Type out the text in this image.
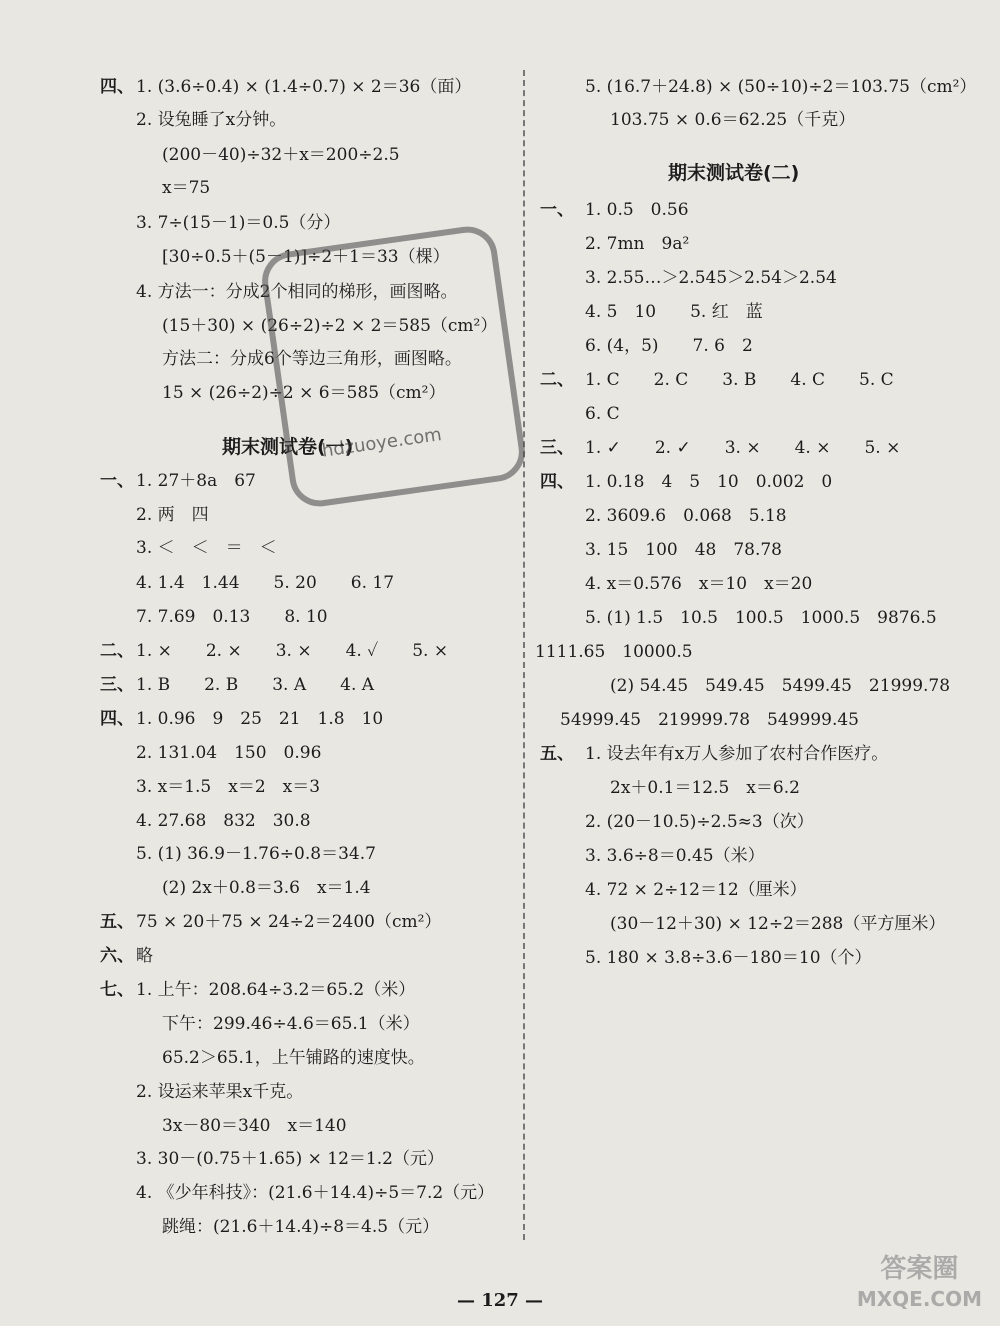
四、 1. (3.6÷0.4) × (1.4÷0.7) × 2＝36（面）
2. 设兔睡了x分钟。
(200－40)÷32＋x＝200÷2.5
x＝75
3. 7÷(15－1)＝0.5（分）
[30÷0.5＋(5－1)]÷2＋1＝33（棵）
4. 方法一：分成2个相同的梯形，画图略。
(15＋30) × (26÷2)÷2 × 2＝585（cm²）
方法二：分成6个等边三角形，画图略。
15 × (26÷2)÷2 × 6＝585（cm²）
一、 1. 27＋8a　67
2. 两　四
3. ＜　＜　＝　＜
4. 1.4̇　1.44　　5. 20　　6. 17
7. 7.69　0.13　　8. 10
二、 1. ×　　2. ×　　3. ×　　4. ✓　　5. ×
三、 1. B　　2. B　　3. A　　4. A
四、 1. 0.96　9　25　21　1.8　10
2. 131.04　150　0.96
3. x＝1.5　x＝2　x＝3
4. 27.68　832　30.8
5. (1) 36.9－1.76÷0.8＝34.7
(2) 2x＋0.8＝3.6　x＝1.4
五、 75 × 20＋75 × 24÷2＝2400（cm²）
六、 略
七、 1. 上午：208.64÷3.2＝65.2（米）
下午：299.46÷4.6＝65.1（米）
65.2＞65.1，上午铺路的速度快。
2. 设运来苹果x千克。
3x－80＝340　x＝140
3. 30－(0.75＋1.65) × 12＝1.2（元）
4. 《少年科技》：(21.6＋14.4)÷5＝7.2（元）
跳绳：(21.6＋14.4)÷8＝4.5（元）
期末测试卷(一)
5. (16.7＋24.8) × (50÷10)÷2＝103.75（cm²）
103.75 × 0.6＝62.25（千克）
一、 1. 0.5̇　0.56
2. 7mn　9a²
3. 2.55…＞2.545＞2.54̇＞2.54
4. 5　10　　5. 红　蓝
6. (4，5)　　7. 6　2
二、 1. C　　2. C　　3. B　　4. C　　5. C
6. C
三、 1. ✓　　2. ✓　　3. ×　　4. ×　　5. ×
四、 1. 0.18　4　5　10　0.002　0
2. 3609.6　0.068　5.18
3. 15　100　48　78.78
4. x＝0.576　x＝10　x＝20
5. (1) 1.5　10.5　100.5　1000.5　9876.5
1111.65　10000.5
(2) 54.45　549.45　5499.45　21999.78
54999.45　219999.78　549999.45
五、 1. 设去年有x万人参加了农村合作医疗。
2x＋0.1＝12.5　x＝6.2
2. (20－10.5)÷2.5≈3（次）
3. 3.6÷8＝0.45（米）
4. 72 × 2÷12＝12（厘米）
(30－12＋30) × 12÷2＝288（平方厘米）
5. 180 × 3.8÷3.6－180＝10（个）
期末测试卷(二)
hdzuoye.com
答案圈
MXQE.COM
— 127 —
